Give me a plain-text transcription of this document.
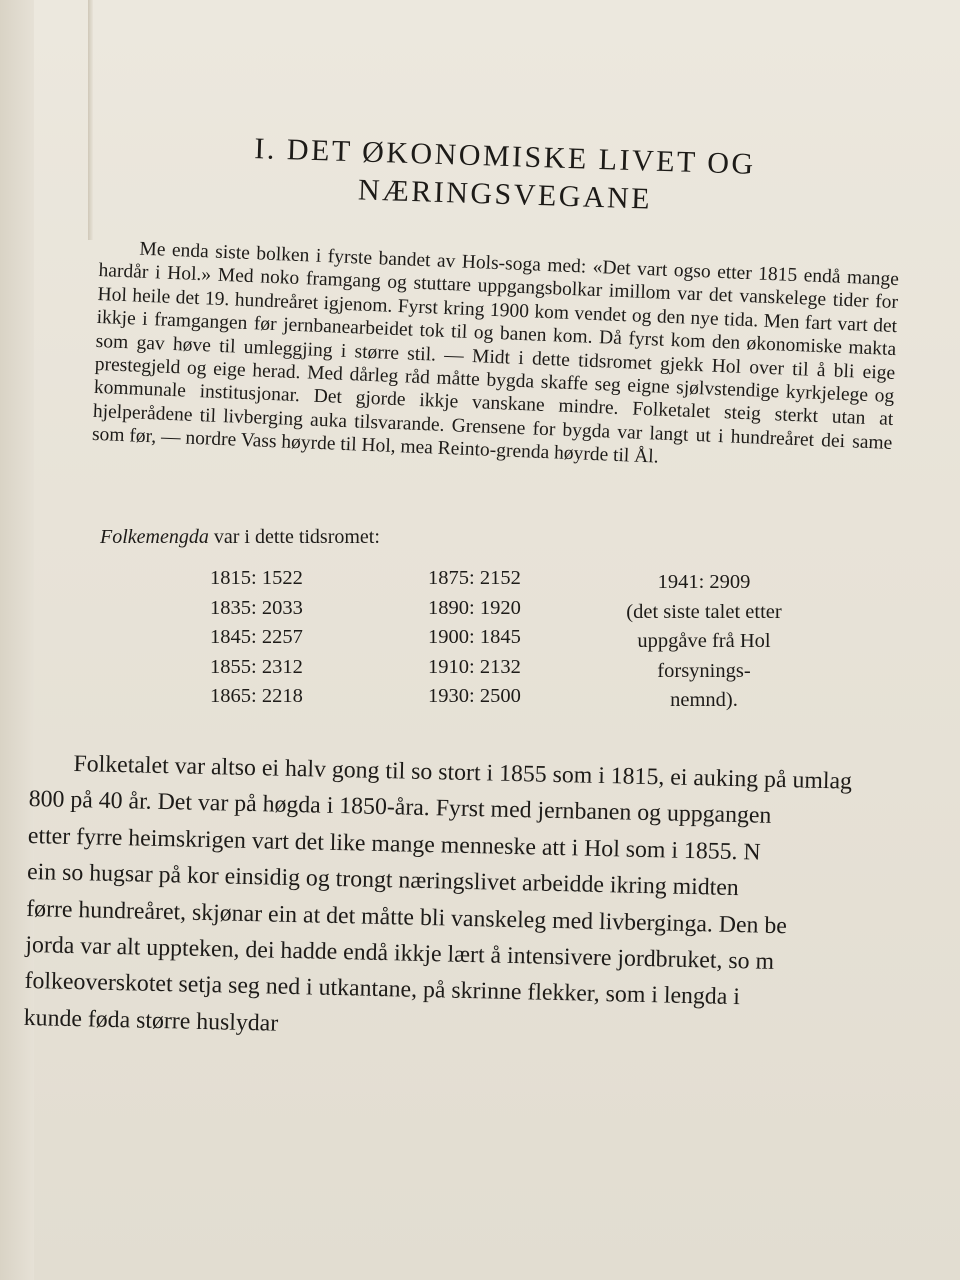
I. DET ØKONOMISKE LIVET OG
NÆRINGSVEGANE

Me enda siste bolken i fyrste bandet av Hols-soga med: «Det vart ogso etter 1815 endå mange hardår i Hol.» Med noko framgang og stuttare uppgangsbolkar imillom var det vanskelege tider for Hol heile det 19. hundreåret igjenom. Fyrst kring 1900 kom vendet og den nye tida. Men fart vart det ikkje i framgangen før jernbanearbeidet tok til og banen kom. Då fyrst kom den økonomiske makta som gav høve til umleggjing i større stil. — Midt i dette tidsromet gjekk Hol over til å bli eige prestegjeld og eige herad. Med dårleg råd måtte bygda skaffe seg eigne sjølvstendige kyrkjelege og kommunale institusjonar. Det gjorde ikkje vanskane mindre. Folketalet steig sterkt utan at hjelperådene til livberging auka tilsvarande. Grensene for bygda var langt ut i hundreåret dei same som før, — nordre Vass høyrde til Hol, mea Reinto-grenda høyrde til Ål.

Folkemengda var i dette tidsromet:

1815: 1522
1835: 2033
1845: 2257
1855: 2312
1865: 2218
1875: 2152
1890: 1920
1900: 1845
1910: 2132
1930: 2500
1941: 2909
(det siste talet etter
uppgåve frå Hol
forsynings-
nemnd).

Folketalet var altso ei halv gong til so stort i 1855 som i 1815, ei auking på umlag
800 på 40 år. Det var på høgda i 1850-åra. Fyrst med jernbanen og uppgangen
etter fyrre heimskrigen vart det like mange menneske att i Hol som i 1855. N
ein so hugsar på kor einsidig og trongt næringslivet arbeidde ikring midten
førre hundreåret, skjønar ein at det måtte bli vanskeleg med livberginga. Den be
jorda var alt uppteken, dei hadde endå ikkje lært å intensivere jordbruket, so m
folkeoverskotet setja seg ned i utkantane, på skrinne flekker, som i lengda i
kunde føda større huslydar
